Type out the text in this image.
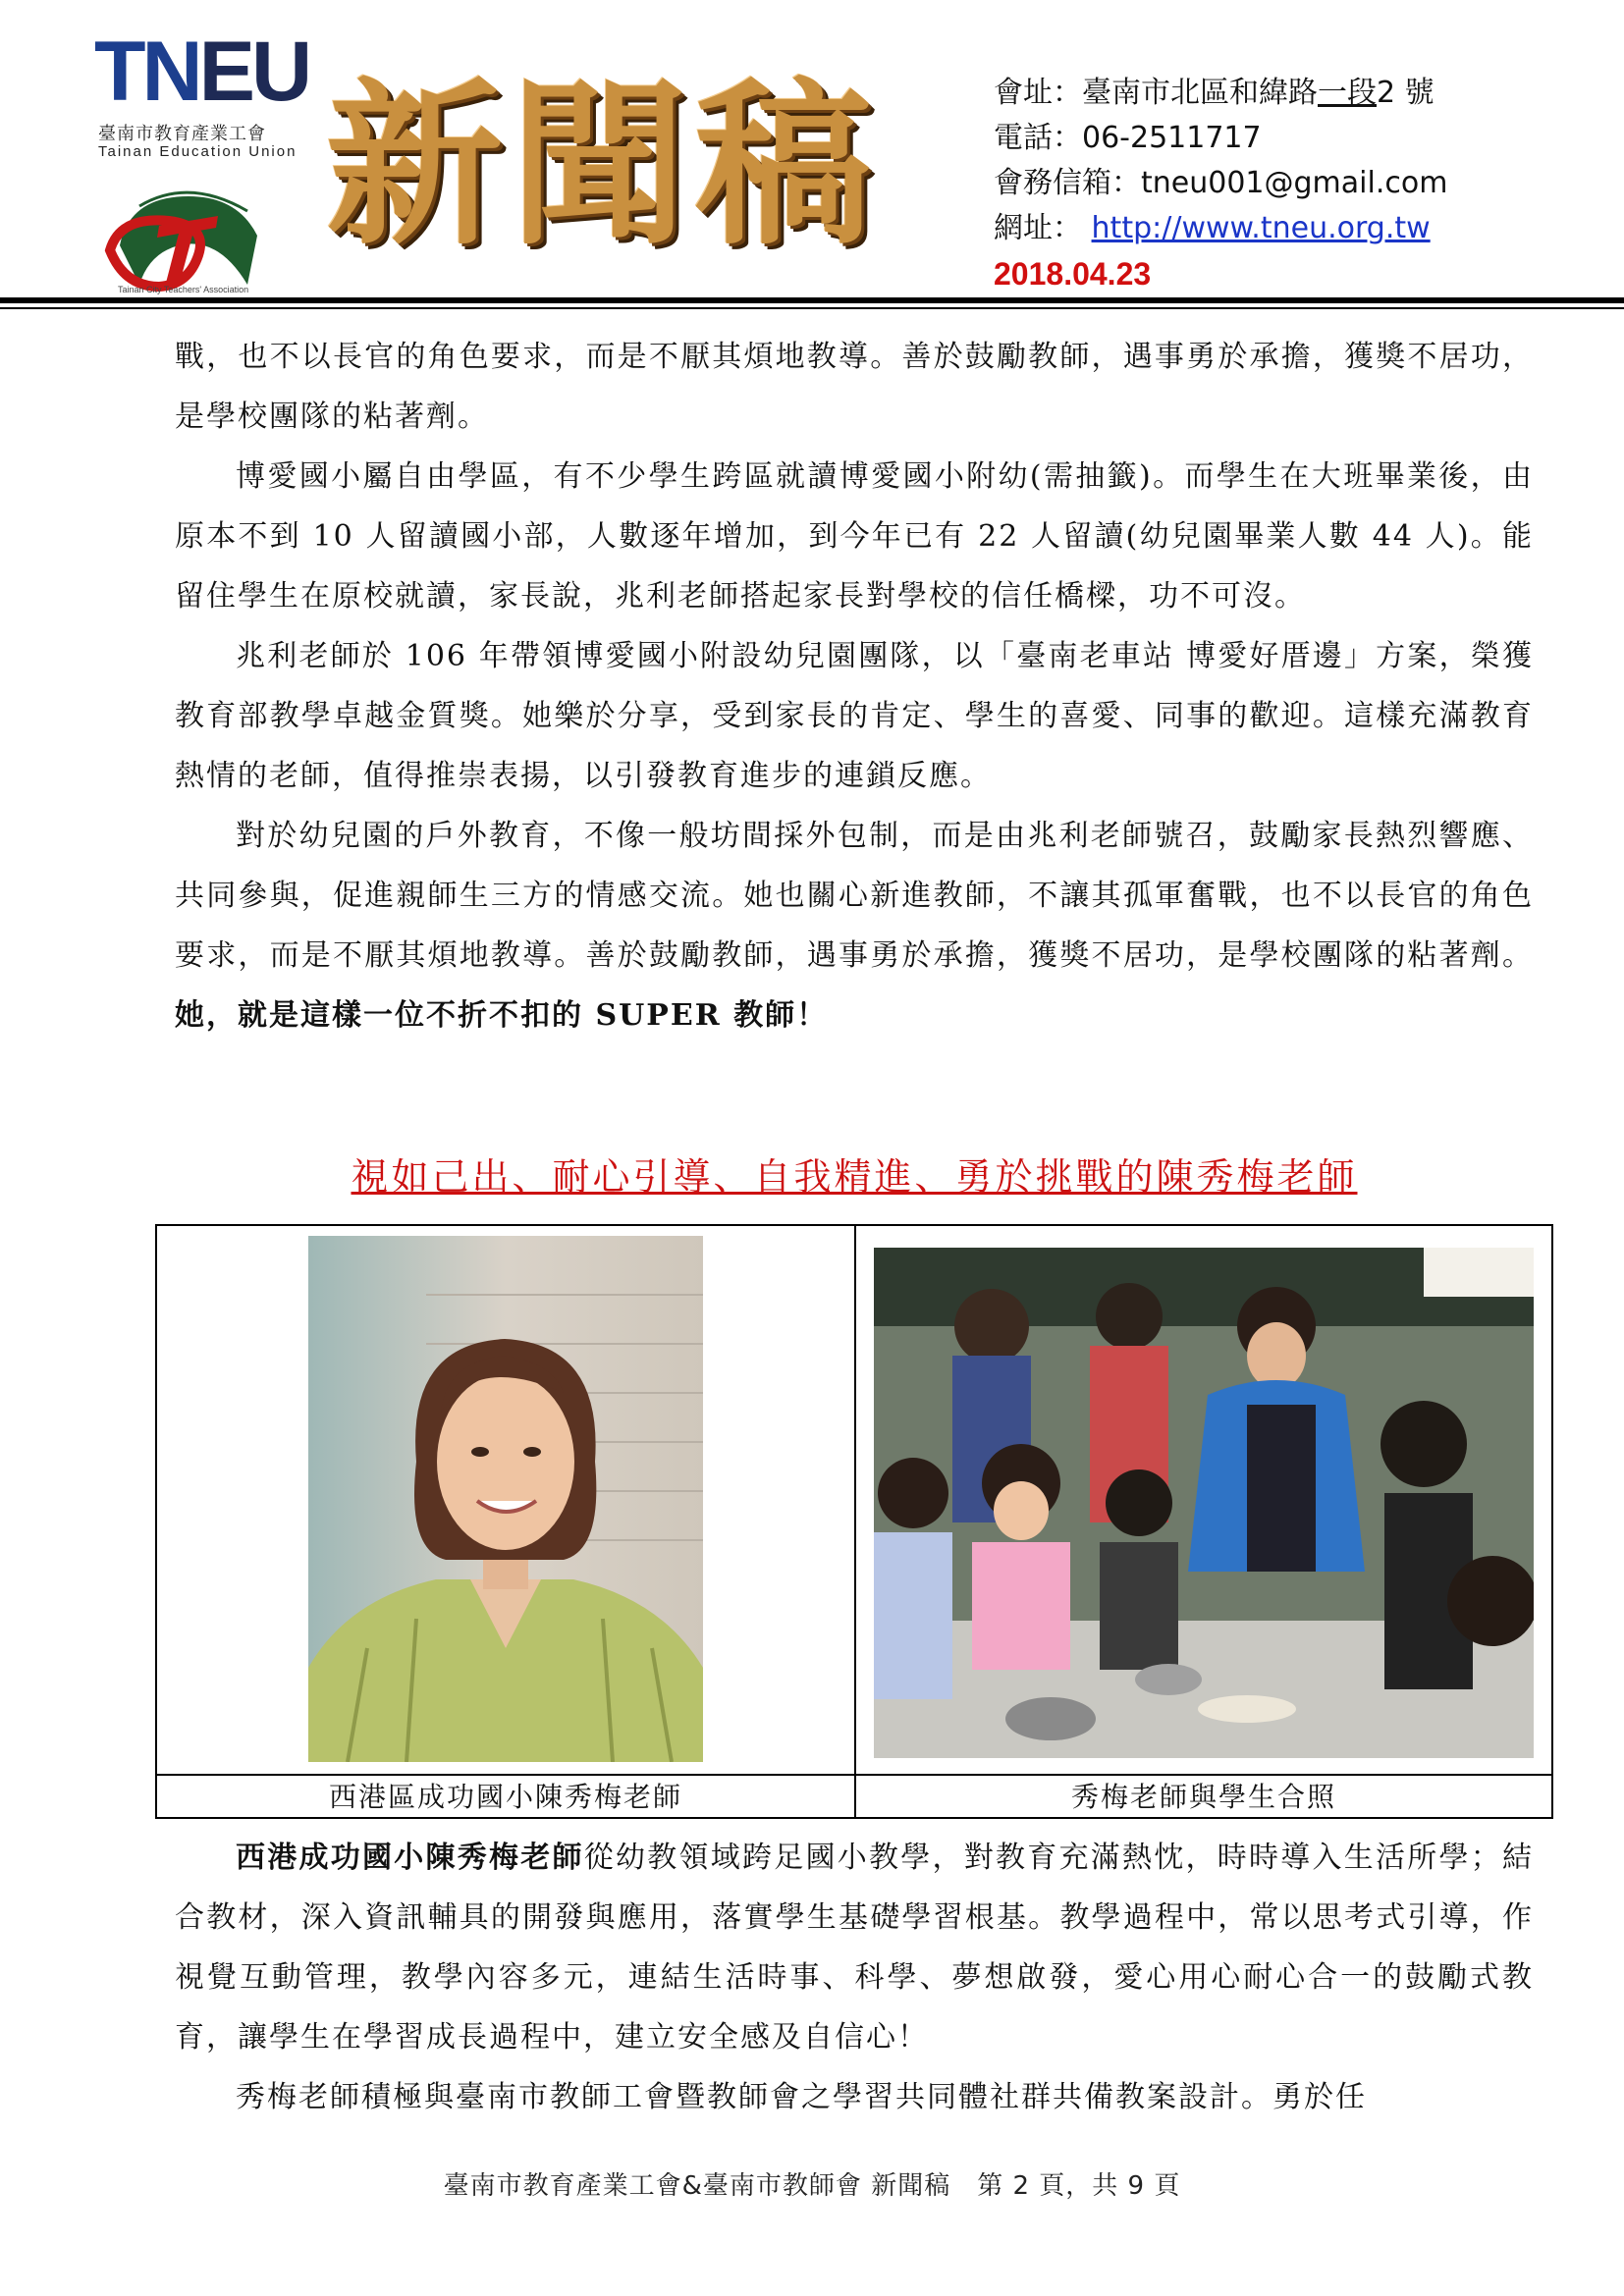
TNEU
臺南市教育產業工會
Tainan Education Union
Tainan City Teachers' Association
新聞稿	會址：臺南市北區和緯路一段2 號
電話：06-2511717
會務信箱：tneu001@gmail.com
網址： http://www.tneu.org.tw
2018.04.23

戰，也不以長官的角色要求，而是不厭其煩地教導。善於鼓勵教師，遇事勇於承擔，獲獎不居功，是學校團隊的粘著劑。

博愛國小屬自由學區，有不少學生跨區就讀博愛國小附幼(需抽籤)。而學生在大班畢業後，由原本不到 10 人留讀國小部，人數逐年增加，到今年已有 22 人留讀(幼兒園畢業人數 44 人)。能留住學生在原校就讀，家長說，兆利老師搭起家長對學校的信任橋樑，功不可沒。

兆利老師於 106 年帶領博愛國小附設幼兒園團隊，以「臺南老車站 博愛好厝邊」方案，榮獲教育部教學卓越金質獎。她樂於分享，受到家長的肯定、學生的喜愛、同事的歡迎。這樣充滿教育熱情的老師，值得推崇表揚，以引發教育進步的連鎖反應。

對於幼兒園的戶外教育，不像一般坊間採外包制，而是由兆利老師號召，鼓勵家長熱烈響應、共同參與，促進親師生三方的情感交流。她也關心新進教師，不讓其孤軍奮戰，也不以長官的角色要求，而是不厭其煩地教導。善於鼓勵教師，遇事勇於承擔，獲獎不居功，是學校團隊的粘著劑。她，就是這樣一位不折不扣的 SUPER 教師！

視如己出、耐心引導、自我精進、勇於挑戰的陳秀梅老師
西港區成功國小陳秀梅老師	秀梅老師與學生合照

西港成功國小陳秀梅老師從幼教領域跨足國小教學，對教育充滿熱忱，時時導入生活所學；結合教材，深入資訊輔具的開發與應用，落實學生基礎學習根基。教學過程中，常以思考式引導，作視覺互動管理，教學內容多元，連結生活時事、科學、夢想啟發，愛心用心耐心合一的鼓勵式教育，讓學生在學習成長過程中，建立安全感及自信心！

秀梅老師積極與臺南市教師工會暨教師會之學習共同體社群共備教案設計。勇於任

臺南市教育產業工會&臺南市教師會 新聞稿　第 2 頁，共 9 頁
